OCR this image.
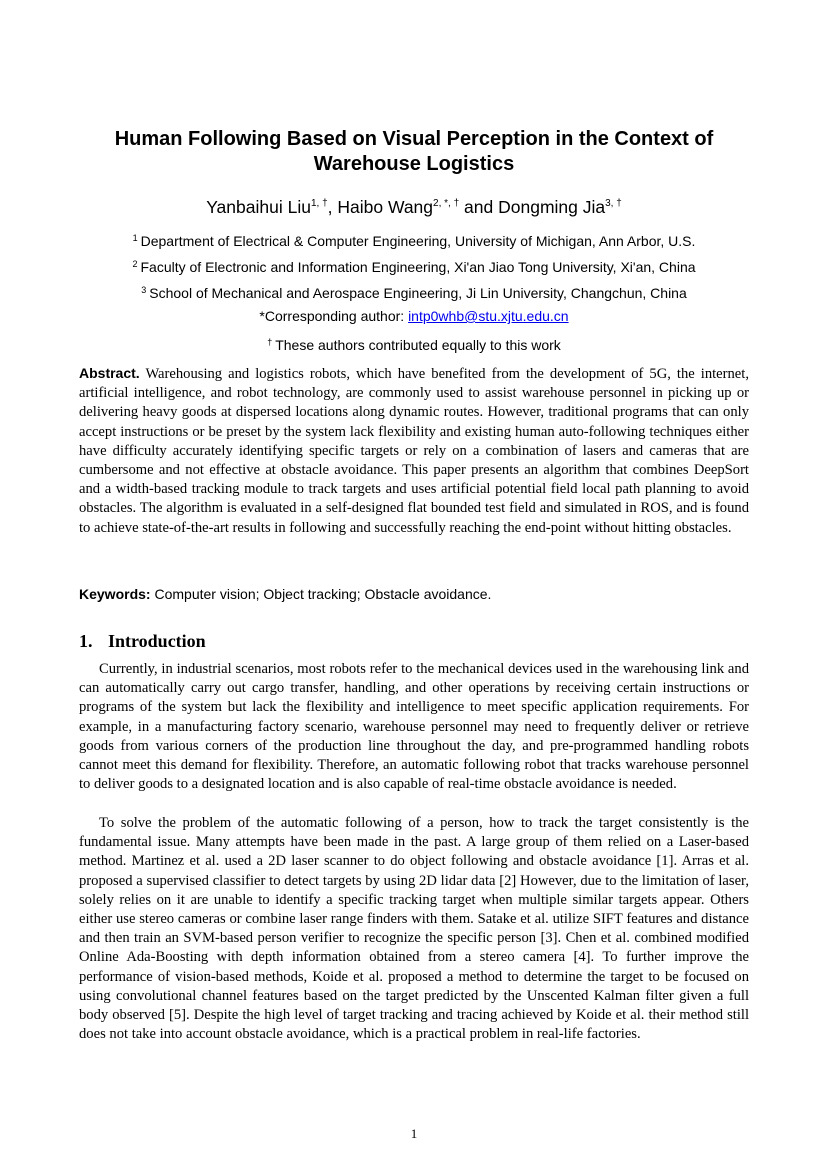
Human Following Based on Visual Perception in the Context of Warehouse Logistics
Yanbaihui Liu$^{1, \dagger}$, Haibo Wang$^{2, *, \dagger}$ and Dongming Jia$^{3, \dagger}$
$^1$ Department of Electrical & Computer Engineering, University of Michigan, Ann Arbor, U.S.
$^2$ Faculty of Electronic and Information Engineering, Xi'an Jiao Tong University, Xi'an, China
$^3$ School of Mechanical and Aerospace Engineering, Ji Lin University, Changchun, China
*Corresponding author: intp0whb@stu.xjtu.edu.cn
† These authors contributed equally to this work

Abstract. Warehousing and logistics robots, which have benefited from the development of 5G, the internet, artificial intelligence, and robot technology, are commonly used to assist warehouse personnel in picking up or delivering heavy goods at dispersed locations along dynamic routes. However, traditional programs that can only accept instructions or be preset by the system lack flexibility and existing human auto-following techniques either have difficulty accurately identifying specific targets or rely on a combination of lasers and cameras that are cumbersome and not effective at obstacle avoidance. This paper presents an algorithm that combines DeepSort and a width-based tracking module to track targets and uses artificial potential field local path planning to avoid obstacles. The algorithm is evaluated in a self-designed flat bounded test field and simulated in ROS, and is found to achieve state-of-the-art results in following and successfully reaching the end-point without hitting obstacles.

Keywords: Computer vision; Object tracking; Obstacle avoidance.
1. Introduction

Currently, in industrial scenarios, most robots refer to the mechanical devices used in the warehousing link and can automatically carry out cargo transfer, handling, and other operations by receiving certain instructions or programs of the system but lack the flexibility and intelligence to meet specific application requirements. For example, in a manufacturing factory scenario, warehouse personnel may need to frequently deliver or retrieve goods from various corners of the production line throughout the day, and pre-programmed handling robots cannot meet this demand for flexibility. Therefore, an automatic following robot that tracks warehouse personnel to deliver goods to a designated location and is also capable of real-time obstacle avoidance is needed.

To solve the problem of the automatic following of a person, how to track the target consistently is the fundamental issue. Many attempts have been made in the past. A large group of them relied on a Laser-based method. Martinez et al. used a 2D laser scanner to do object following and obstacle avoidance [1]. Arras et al. proposed a supervised classifier to detect targets by using 2D lidar data [2] However, due to the limitation of laser, solely relies on it are unable to identify a specific tracking target when multiple similar targets appear. Others either use stereo cameras or combine laser range finders with them. Satake et al. utilize SIFT features and distance and then train an SVM-based person verifier to recognize the specific person [3]. Chen et al. combined modified Online Ada-Boosting with depth information obtained from a stereo camera [4]. To further improve the performance of vision-based methods, Koide et al. proposed a method to determine the target to be focused on using convolutional channel features based on the target predicted by the Unscented Kalman filter given a full body observed [5]. Despite the high level of target tracking and tracing achieved by Koide et al. their method still does not take into account obstacle avoidance, which is a practical problem in real-life factories.

1
